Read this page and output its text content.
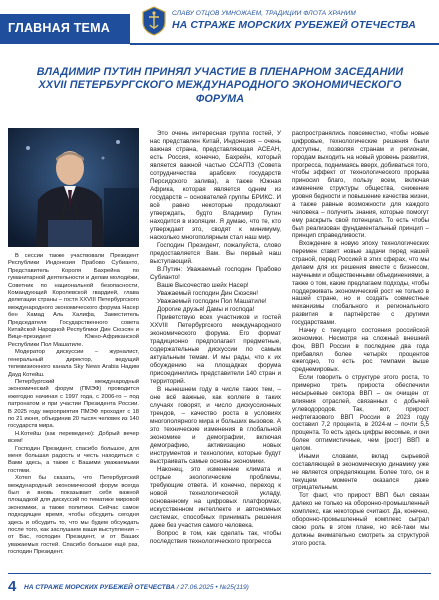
ГЛАВНАЯ ТЕМА
СЛАВУ ОТЦОВ УМНОЖАЕМ, ТРАДИЦИИ ФЛОТА ХРАНИМ
НА СТРАЖЕ МОРСКИХ РУБЕЖЕЙ ОТЕЧЕСТВА
ВЛАДИМИР ПУТИН ПРИНЯЛ УЧАСТИЕ В ПЛЕНАРНОМ ЗАСЕДАНИИ XXVII ПЕТЕРБУРГСКОГО МЕЖДУНАРОДНОГО ЭКОНОМИЧЕСКОГО ФОРУМА

В сессии также участвовали Президент Республики Индонезия Прабово Субианто, Представитель Короля Бахрейна по гуманитарной деятельности и делам молодёжи, Советник по национальной безопасности, Командующий Королевской гвардией, глава делегации страны – гостя XXVIII Петербургского международного экономического форума Насер бен Хамад Аль Халифа, Заместитель Председателя Государственного совета Китайской Народной Республики Дин Сюэсян и Вице-президент Южно-Африканской Республики Пол Машатиле.

Модератор дискуссии – журналист, генеральный директор, ведущий телевизионного канала Sky News Arabia Надим Дауд Котейш.

Петербургский международный экономический форум (ПМЭФ) проводится ежегодно начиная с 1997 года, с 2006-го – под патронатом и при участии Президента России. В 2025 году мероприятия ПМЭФ проходят с 18 по 21 июня, объединив 20 тысяч человек из 140 государств мира.

Н.Котейш (как переведено): Добрый вечер всем!

Господин Президент, спасибо большое, для меня большая радость и честь находиться с Вами здесь, а также с Вашими уважаемыми гостями.

Хотел бы сказать, что Петербургский международный экономический форум всегда был и вновь показывает себя важной площадкой для дискуссий по тематике мировой экономики, а также политики. Сейчас самое подходящее время, чтобы обсудить сегодня здесь и обсудить то, что мы будем обсуждать после того, как заслушаем ваши выступления – от Вас, господин Президент, и от Ваших уважаемых гостей. Спасибо большое ещё раз, господин Президент.

Это очень интересная группа гостей, У нас представлен Китай, Индонезия – очень важная страна, представляющая АСЕАН, есть Россия, конечно, Бахрейн, который является важной частью ССАГПЗ (Совета сотрудничества арабских государств Персидского залива), а также Южная Африка, которая является одним из государств – основателей группы БРИКС. И всё равно некоторые продолжают утверждать, будто Владимир Путин находится в изоляции. Я думаю, что те, кто утверждает это, сводят к минимуму, насколько многополярным стал наш мир.

Господин Президент, пожалуйста, слово предоставляется Вам. Вы первый наш выступающий.

В.Путин: Уважаемый господин Прабово Субианто!

Ваше Высочество шейх Насер!

Уважаемый господин Дин Сюэсян!

Уважаемый господин Пол Машатиле!

Дорогие друзья! Дамы и господа!

Приветствую всех участников и гостей XXVIII Петербургского международного экономического форума. Его формат традиционно предполагает предметные, содержательные дискуссии по самым актуальным темам. И мы рады, что к их обсуждению на площадках форума присоединились представители 140 стран и территорий.

В нынешнем году в числе таких тем, – оне всё важные, как коллеге в таких случаях говорят, и число дискуссионных трендов, – качество роста в условиях многополярного мира и больших вызовов. А это технические изменения в глобальной экономике и демографии, включая демографию, активизацию новых инструментов и технологии, которые будут выстраивать самые основы экономики.

Наконец, это изменение климата и острые экологические проблемы, требующие ответа. И конечно, переход к новой технологической укладу, основанному на цифровых платформах, искусственном интеллекте и автономных системах, способных принимать решения даже без участия самого человека.

Вопрос в том, как сделать так, чтобы последствия технологического прогресса

распространялись повсеместно, чтобы новые цифровые, технологические решения были доступны, позволяя странам и регионам, городам выходить на новый уровень развития, прогресса, поднимаясь вверх, добиваться того, чтобы эффект от технологического прорыва приносил благо, пользу всем, включая изменение структуры общества, снижение уровня бедности и повышение качества жизни, а также равные возможности для каждого человека – получить знания, которые помогут ему раскрыть свой потенциал. То есть чтобы был реализован фундаментальный принцип – принцип справедливости.

Вхождение в новую эпоху технологических перемен ставит новые задачи перед нашей страной, перед Россией в этих сферах, что мы делаем для их решения вместе с бизнесом, научными и общественными объединениями, а также о том, какие предлагаем подходы, чтобы поддерживать экономический рост не только в нашей стране, но и создать совместные механизмы глобального и регионального развития в партнёрстве с другими государствами.

Начну с текущего состояния российской экономики. Несмотря на сложный внешний фон, ВВП России в последние два года прибавлял более четырёх процентов ежегодно, то есть рос темпами выше среднемировых.

Если говорить о структуре этого роста, то примерно треть прироста обеспечили несырьевые сектора ВВП – он очищен от влияния отраслей, связанных с добычей углеводородов. Так, вот, прирост нефтегазового ВВП России в 2023 году составил 7,2 процента, в 2024-м – почти 5,5 процента. То есть здесь цифры весомые, и они более оптимистичные, чем [рост] ВВП в целом.

Иными словами, вклад сырьевой составляющей в экономическую динамику уже не является определяющим. Более того, он в текущем моменте оказался даже отрицательным.

Тот факт, что прирост ВВП был связан далеко не только на оборонно-промышленный комплекс, как некоторые считают. Да, конечно, оборонно-промышленный комплекс сыграл свою роль в этом плане, но всё-таки мы должны внимательно смотреть за структурой этого роста.

4 НА СТРАЖЕ МОРСКИХ РУБЕЖЕЙ ОТЕЧЕСТВА / 27.06.2025 • №25(119)
